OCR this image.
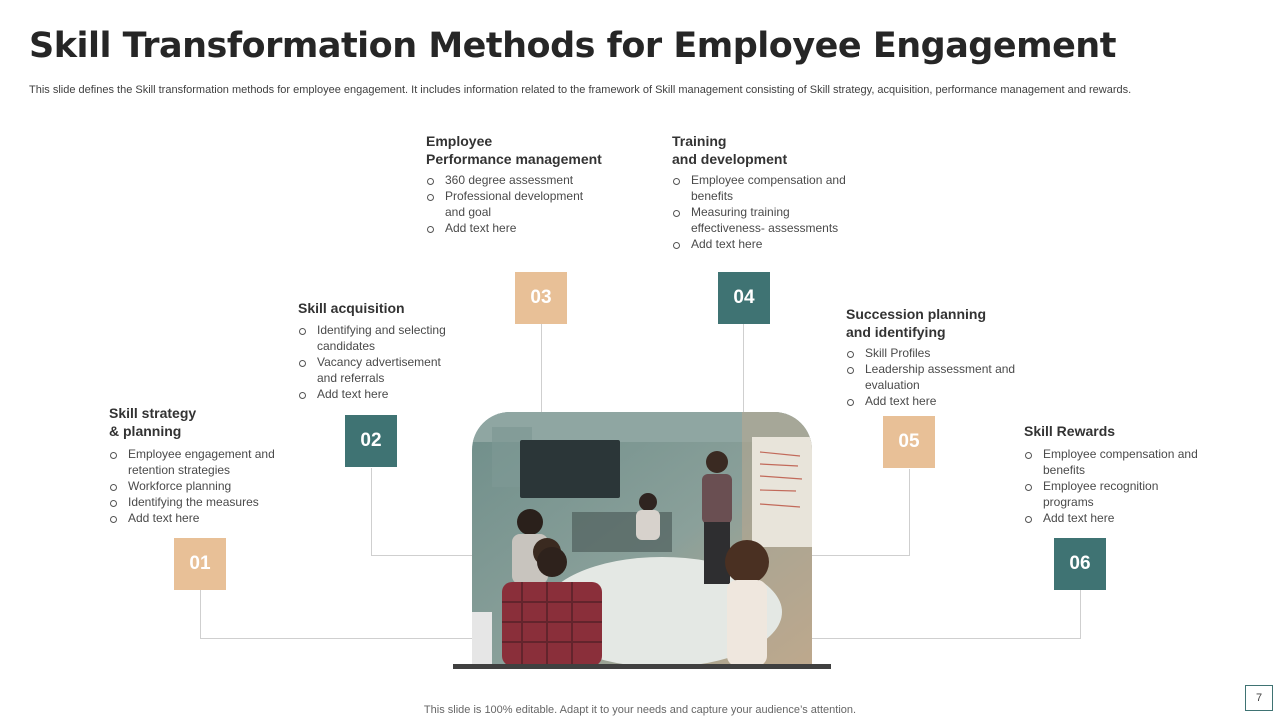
Skill Transformation Methods for Employee Engagement
This slide defines the Skill transformation methods for employee engagement. It includes information related to the framework of Skill management consisting of Skill strategy, acquisition, performance management and rewards.
01
02
03	04
05
06
Skill strategy
& planning
Employee engagement and retention strategies
Workforce planning
Identifying the measures
Add text here
Skill acquisition
Identifying and selecting candidates
Vacancy advertisement and referrals
Add text here
Employee
Performance management
360 degree assessment
Professional development and goal
Add text here
Training
and development
Employee compensation and benefits
Measuring training effectiveness- assessments
Add text here
Succession planning
and identifying
Skill Profiles
Leadership assessment and evaluation
Add text here
Skill Rewards
Employee compensation and benefits
Employee recognition programs
Add text here
This slide is 100% editable. Adapt it to your needs and capture your audience’s attention.
7
